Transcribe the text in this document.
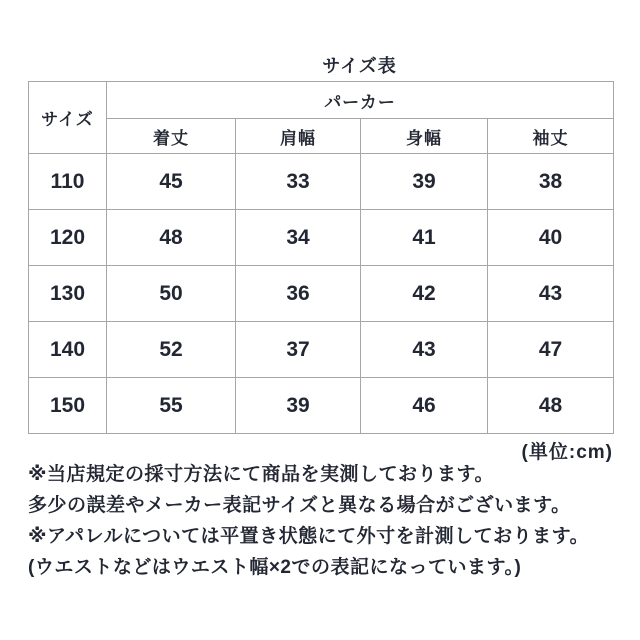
サイズ表
サイズ	パーカー			
	着丈	肩幅	身幅	袖丈
110	45	33	39	38
120	48	34	41	40
130	50	36	42	43
140	52	37	43	47
150	55	39	46	48
(単位:cm)
※当店規定の採寸方法にて商品を実測しております。
多少の誤差やメーカー表記サイズと異なる場合がございます。
※アパレルについては平置き状態にて外寸を計測しております。
(ウエストなどはウエスト幅×2での表記になっています。)
